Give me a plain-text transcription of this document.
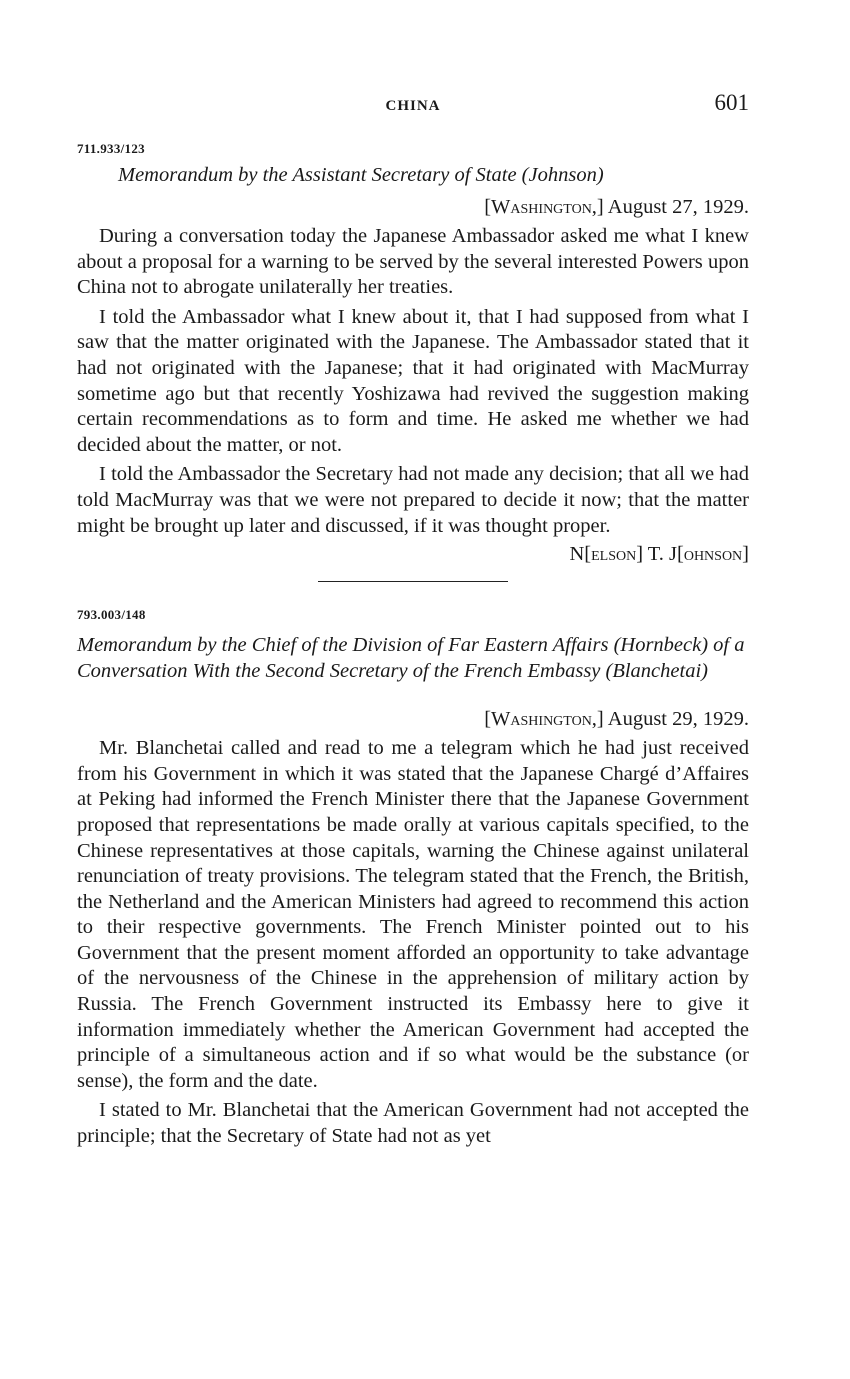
CHINA	601
711.933/123
Memorandum by the Assistant Secretary of State (Johnson)
[Washington,] August 27, 1929.

During a conversation today the Japanese Ambassador asked me what I knew about a proposal for a warning to be served by the several interested Powers upon China not to abrogate unilaterally her treaties.

I told the Ambassador what I knew about it, that I had supposed from what I saw that the matter originated with the Japanese. The Ambassador stated that it had not originated with the Japanese; that it had originated with MacMurray sometime ago but that recently Yoshizawa had revived the suggestion making certain recommendations as to form and time. He asked me whether we had decided about the matter, or not.

I told the Ambassador the Secretary had not made any decision; that all we had told MacMurray was that we were not prepared to decide it now; that the matter might be brought up later and discussed, if it was thought proper.

N[elson] T. J[ohnson]
793.003/148
Memorandum by the Chief of the Division of Far Eastern Affairs (Hornbeck) of a Conversation With the Second Secretary of the French Embassy (Blanchetai)
[Washington,] August 29, 1929.

Mr. Blanchetai called and read to me a telegram which he had just received from his Government in which it was stated that the Japanese Chargé d’Affaires at Peking had informed the French Minister there that the Japanese Government proposed that representations be made orally at various capitals specified, to the Chinese representatives at those capitals, warning the Chinese against unilateral renunciation of treaty provisions. The telegram stated that the French, the British, the Netherland and the American Ministers had agreed to recommend this action to their respective governments. The French Minister pointed out to his Government that the present moment afforded an opportunity to take advantage of the nervousness of the Chinese in the apprehension of military action by Russia. The French Government instructed its Embassy here to give it information immediately whether the American Government had accepted the principle of a simultaneous action and if so what would be the substance (or sense), the form and the date.

I stated to Mr. Blanchetai that the American Government had not accepted the principle; that the Secretary of State had not as yet
